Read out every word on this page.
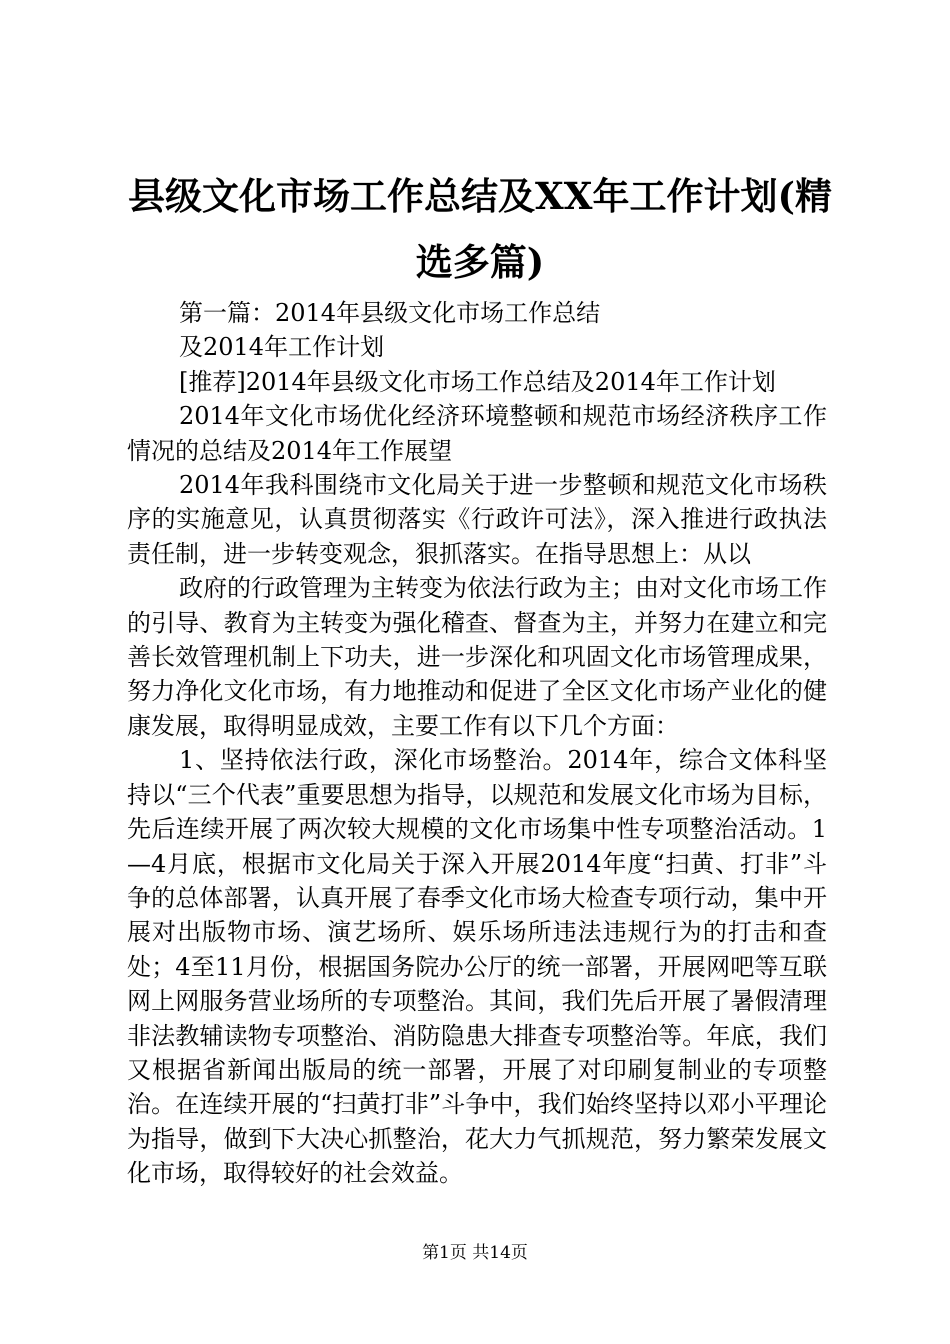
县级文化市场工作总结及XX年工作计划(精选多篇)

第一篇：2014年县级文化市场工作总结

及2014年工作计划

[推荐]2014年县级文化市场工作总结及2014年工作计划

2014年文化市场优化经济环境整顿和规范市场经济秩序工作情况的总结及2014年工作展望

2014年我科围绕市文化局关于进一步整顿和规范文化市场秩序的实施意见，认真贯彻落实《行政许可法》，深入推进行政执法责任制，进一步转变观念，狠抓落实。在指导思想上：从以

政府的行政管理为主转变为依法行政为主；由对文化市场工作的引导、教育为主转变为强化稽查、督查为主，并努力在建立和完善长效管理机制上下功夫，进一步深化和巩固文化市场管理成果，努力净化文化市场，有力地推动和促进了全区文化市场产业化的健康发展，取得明显成效，主要工作有以下几个方面：

1、坚持依法行政，深化市场整治。2014年，综合文体科坚持以“三个代表”重要思想为指导，以规范和发展文化市场为目标，先后连续开展了两次较大规模的文化市场集中性专项整治活动。1—4月底，根据市文化局关于深入开展2014年度“扫黄、打非”斗争的总体部署，认真开展了春季文化市场大检查专项行动，集中开展对出版物市场、演艺场所、娱乐场所违法违规行为的打击和查处；4至11月份，根据国务院办公厅的统一部署，开展网吧等互联网上网服务营业场所的专项整治。其间，我们先后开展了暑假清理非法教辅读物专项整治、消防隐患大排查专项整治等。年底，我们又根据省新闻出版局的统一部署，开展了对印刷复制业的专项整治。在连续开展的“扫黄打非”斗争中，我们始终坚持以邓小平理论为指导，做到下大决心抓整治，花大力气抓规范，努力繁荣发展文化市场，取得较好的社会效益。

第1页 共14页
